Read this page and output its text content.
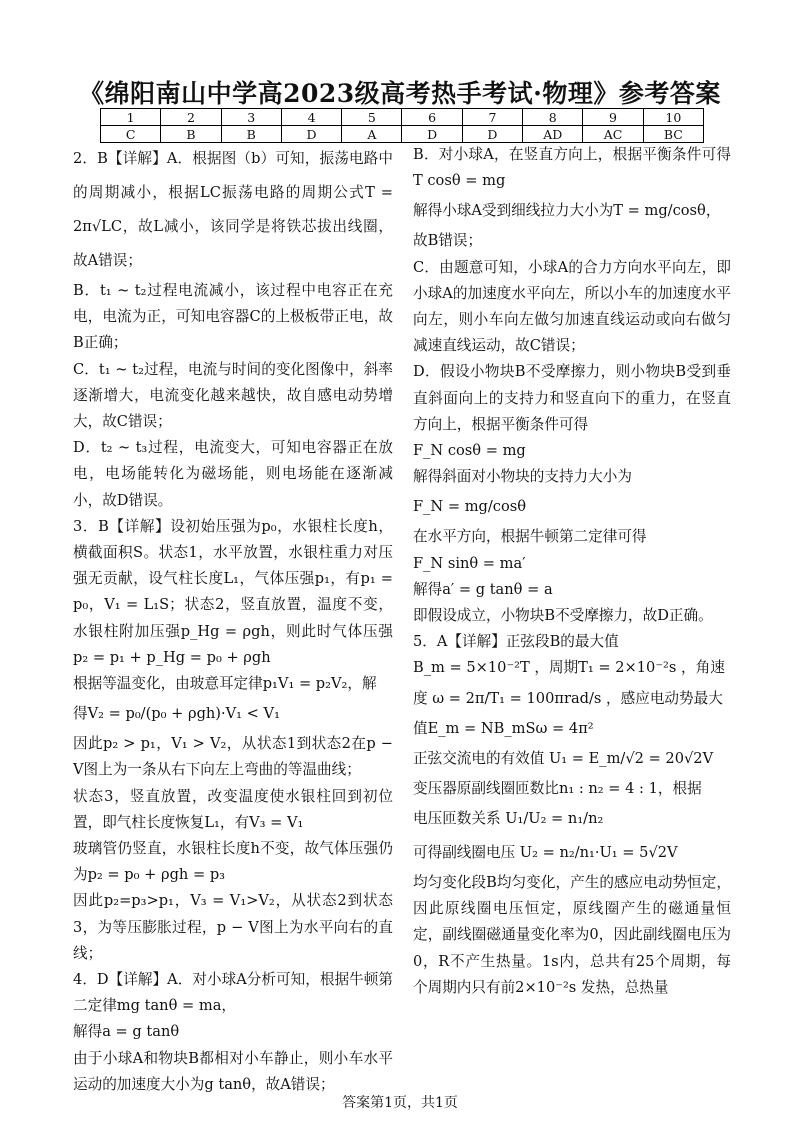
《绵阳南山中学高2023级高考热手考试·物理》参考答案
1	2	3	4	5	6	7	8	9	10
C	B	B	D	A	D	D	AD	AC	BC

2．B【详解】A．根据图（b）可知，振荡电路中的周期减小，根据LC振荡电路的周期公式T = 2π√LC，故L减小，该同学是将铁芯拔出线圈，故A错误；

B．t₁ ~ t₂过程电流减小，该过程中电容正在充电，电流为正，可知电容器C的上极板带正电，故B正确；

C．t₁ ~ t₂过程，电流与时间的变化图像中，斜率逐渐增大，电流变化越来越快，故自感电动势增大，故C错误；

D．t₂ ~ t₃过程，电流变大，可知电容器正在放电，电场能转化为磁场能，则电场能在逐渐减小，故D错误。

3．B【详解】设初始压强为p₀，水银柱长度h，横截面积S。状态1，水平放置，水银柱重力对压强无贡献，设气柱长度L₁，气体压强p₁，有p₁ = p₀，V₁ = L₁S；状态2，竖直放置，温度不变，水银柱附加压强p_Hg = ρgh，则此时气体压强p₂ = p₁ + p_Hg = p₀ + ρgh

根据等温变化，由玻意耳定律p₁V₁ = p₂V₂，解

得V₂ = p₀/(p₀ + ρgh)·V₁ < V₁

因此p₂ > p₁，V₁ > V₂，从状态1到状态2在p − V图上为一条从右下向左上弯曲的等温曲线；

状态3，竖直放置，改变温度使水银柱回到初位置，即气柱长度恢复L₁，有V₃ = V₁

玻璃管仍竖直，水银柱长度h不变，故气体压强仍为p₂ = p₀ + ρgh = p₃

因此p₂=p₃>p₁，V₃ = V₁>V₂，从状态2到状态3，为等压膨胀过程，p − V图上为水平向右的直线；

4．D【详解】A．对小球A分析可知，根据牛顿第二定律mg tanθ = ma，

解得a = g tanθ

由于小球A和物块B都相对小车静止，则小车水平运动的加速度大小为g tanθ，故A错误；

B．对小球A，在竖直方向上，根据平衡条件可得T cosθ = mg

解得小球A受到细线拉力大小为T = mg/cosθ，

故B错误；

C．由题意可知，小球A的合力方向水平向左，即小球A的加速度水平向左，所以小车的加速度水平向左，则小车向左做匀加速直线运动或向右做匀减速直线运动，故C错误；

D．假设小物块B不受摩擦力，则小物块B受到垂直斜面向上的支持力和竖直向下的重力，在竖直方向上，根据平衡条件可得

F_N cosθ = mg

解得斜面对小物块的支持力大小为

F_N = mg/cosθ

在水平方向，根据牛顿第二定律可得

F_N sinθ = ma′

解得a′ = g tanθ = a

即假设成立，小物块B不受摩擦力，故D正确。

5．A【详解】正弦段B的最大值

B_m = 5×10⁻²T ，周期T₁ = 2×10⁻²s ，角速

度 ω = 2π/T₁ = 100πrad/s ，感应电动势最大

值E_m = NB_mSω = 4π²

正弦交流电的有效值 U₁ = E_m/√2 = 20√2V

变压器原副线圈匝数比n₁ : n₂ = 4 : 1，根据

电压匝数关系 U₁/U₂ = n₁/n₂

可得副线圈电压 U₂ = n₂/n₁·U₁ = 5√2V

均匀变化段B均匀变化，产生的感应电动势恒定，因此原线圈电压恒定，原线圈产生的磁通量恒定，副线圈磁通量变化率为0，因此副线圈电压为0，R不产生热量。1s内，总共有25个周期，每个周期内只有前2×10⁻²s 发热，总热量

答案第1页，共1页
